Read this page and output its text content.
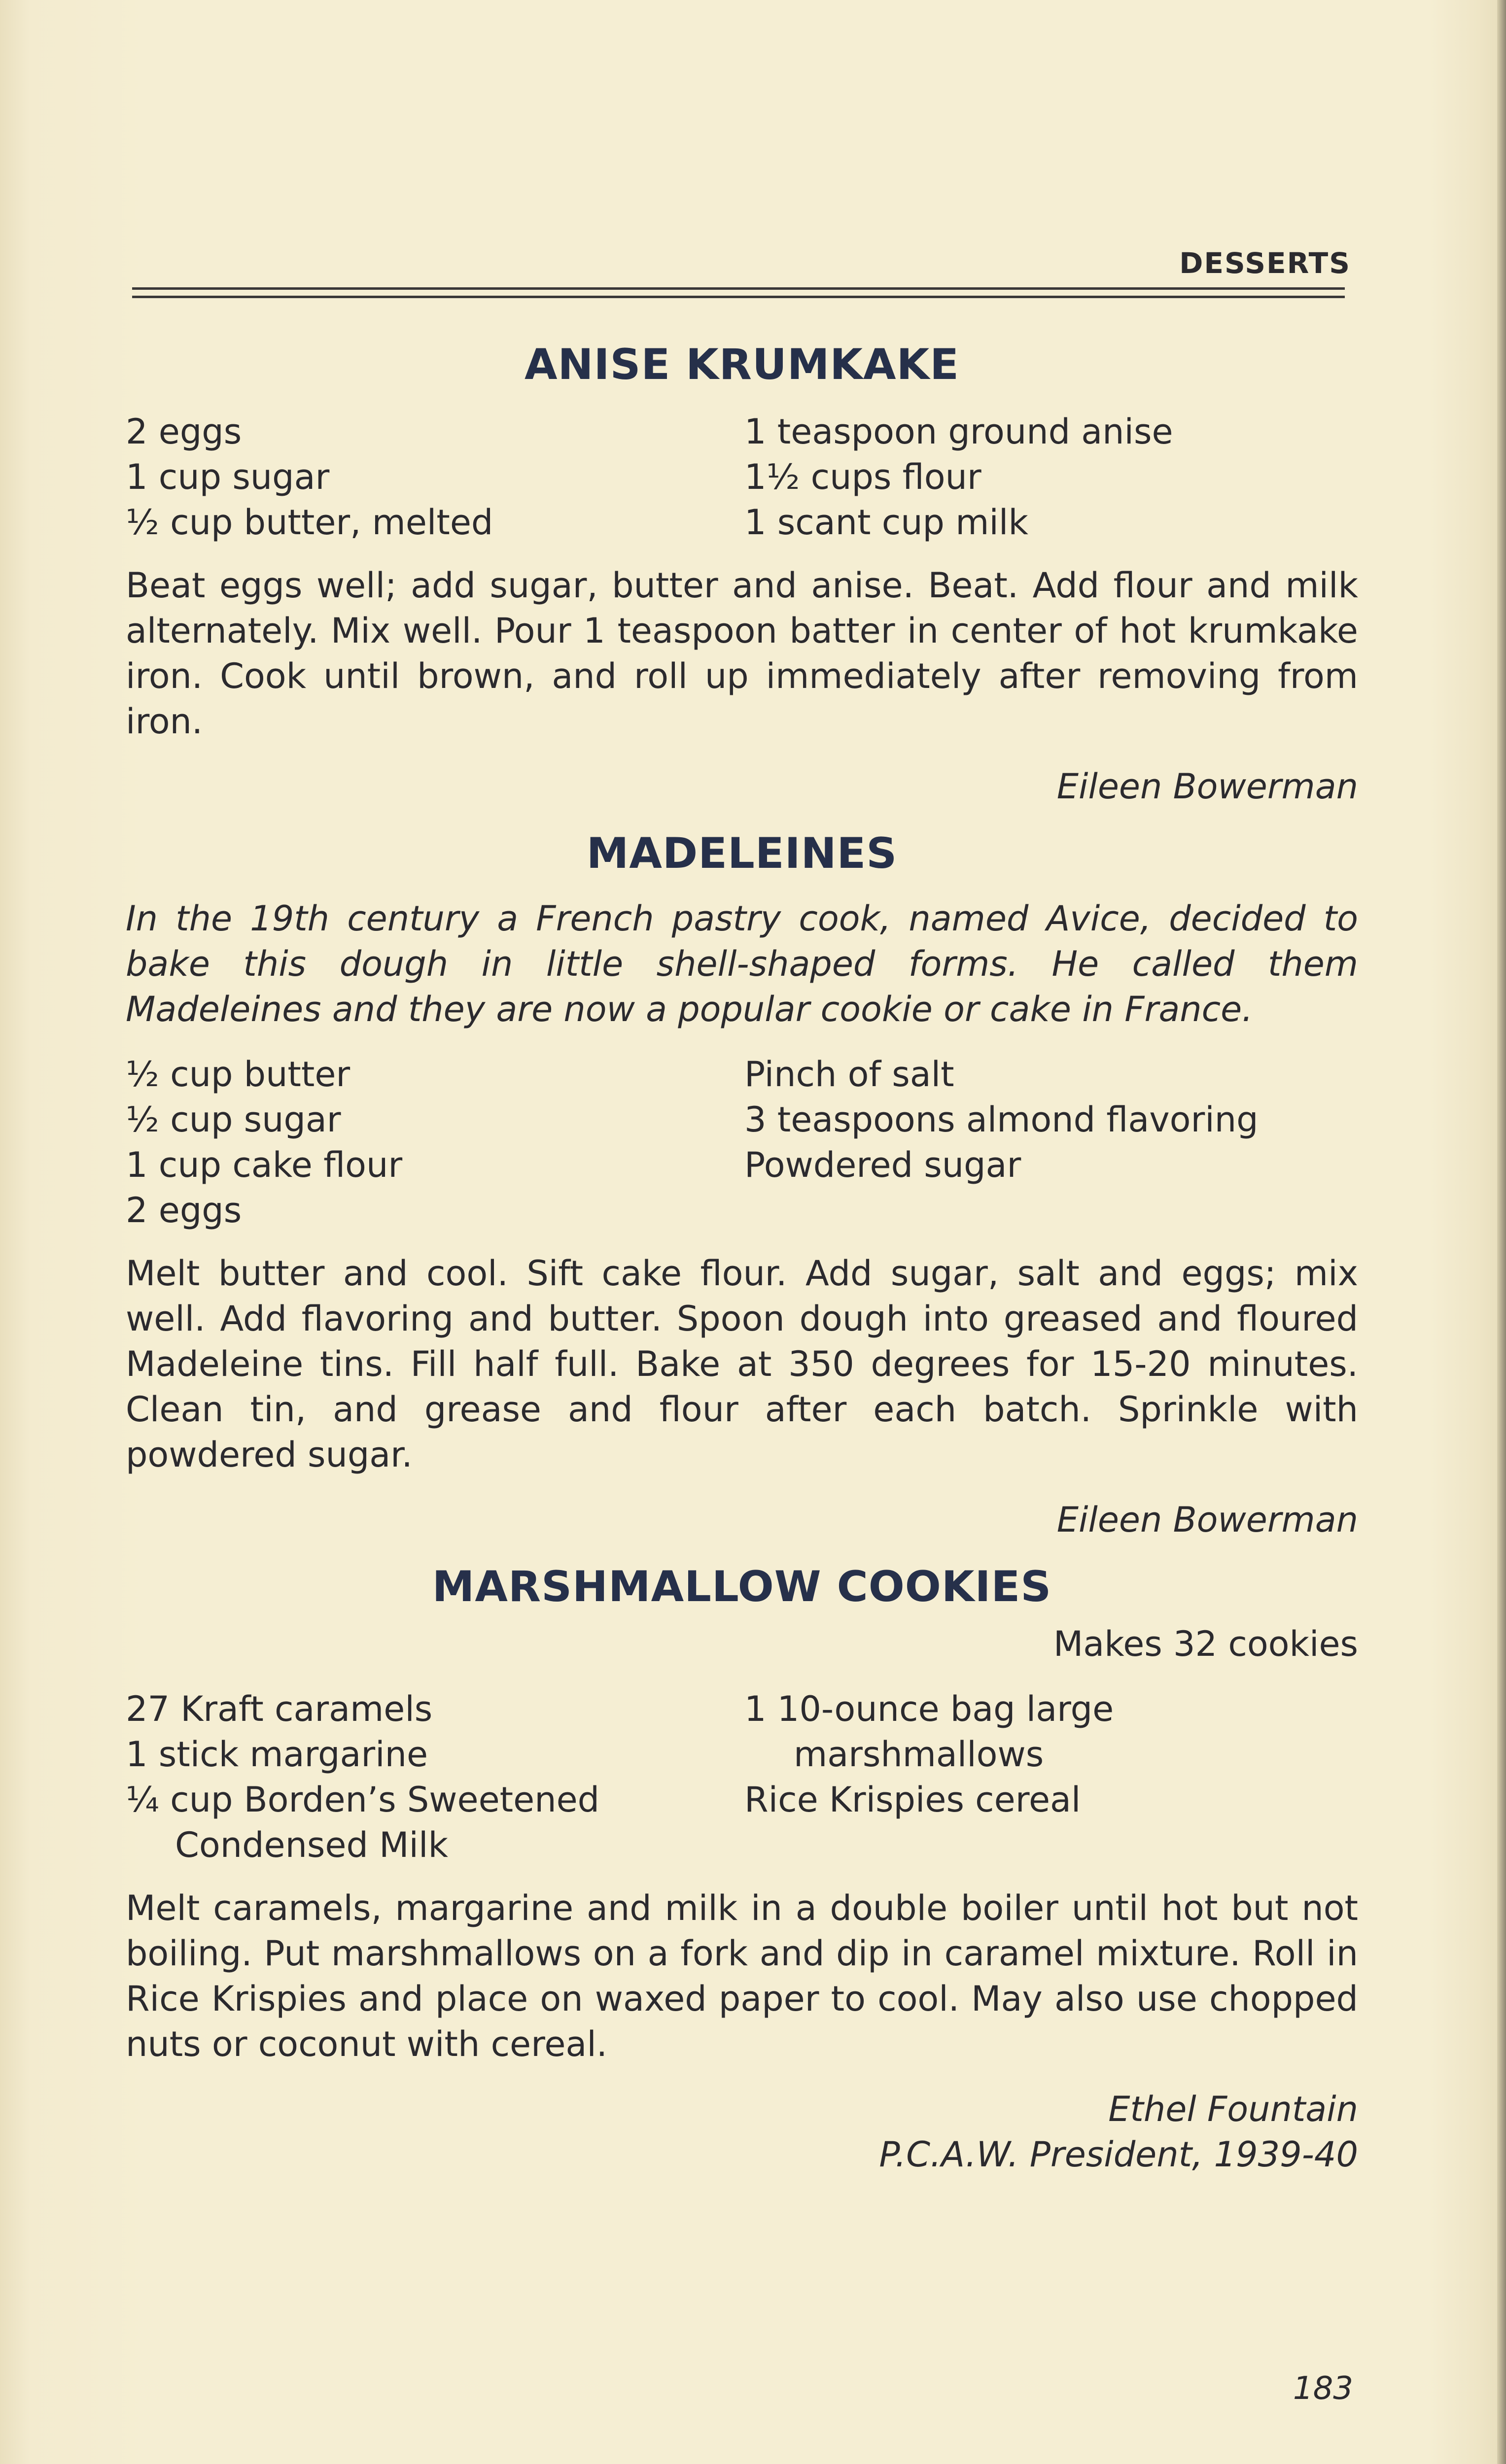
DESSERTS
ANISE KRUMKAKE
2 eggs
1 cup sugar
½ cup butter, melted
1 teaspoon ground anise
1½ cups flour
1 scant cup milk

Beat eggs well; add sugar, butter and anise. Beat. Add flour and milk alternately. Mix well. Pour 1 teaspoon batter in center of hot krumkake iron. Cook until brown, and roll up immediately after removing from iron.

Eileen Bowerman
MADELEINES

In the 19th century a French pastry cook, named Avice, decided to bake this dough in little shell-shaped forms. He called them Madeleines and they are now a popular cookie or cake in France.

½ cup butter
½ cup sugar
1 cup cake flour
2 eggs
Pinch of salt
3 teaspoons almond flavoring
Powdered sugar

Melt butter and cool. Sift cake flour. Add sugar, salt and eggs; mix well. Add flavoring and butter. Spoon dough into greased and floured Madeleine tins. Fill half full. Bake at 350 degrees for 15-20 minutes. Clean tin, and grease and flour after each batch. Sprinkle with powdered sugar.

Eileen Bowerman
MARSHMALLOW COOKIES
Makes 32 cookies
27 Kraft caramels
1 stick margarine
¼ cup Borden’s Sweetened
Condensed Milk
1 10-ounce bag large
marshmallows
Rice Krispies cereal

Melt caramels, margarine and milk in a double boiler until hot but not boiling. Put marshmallows on a fork and dip in caramel mixture. Roll in Rice Krispies and place on waxed paper to cool. May also use chopped nuts or coconut with cereal.

Ethel Fountain
P.C.A.W. President, 1939-40
183
